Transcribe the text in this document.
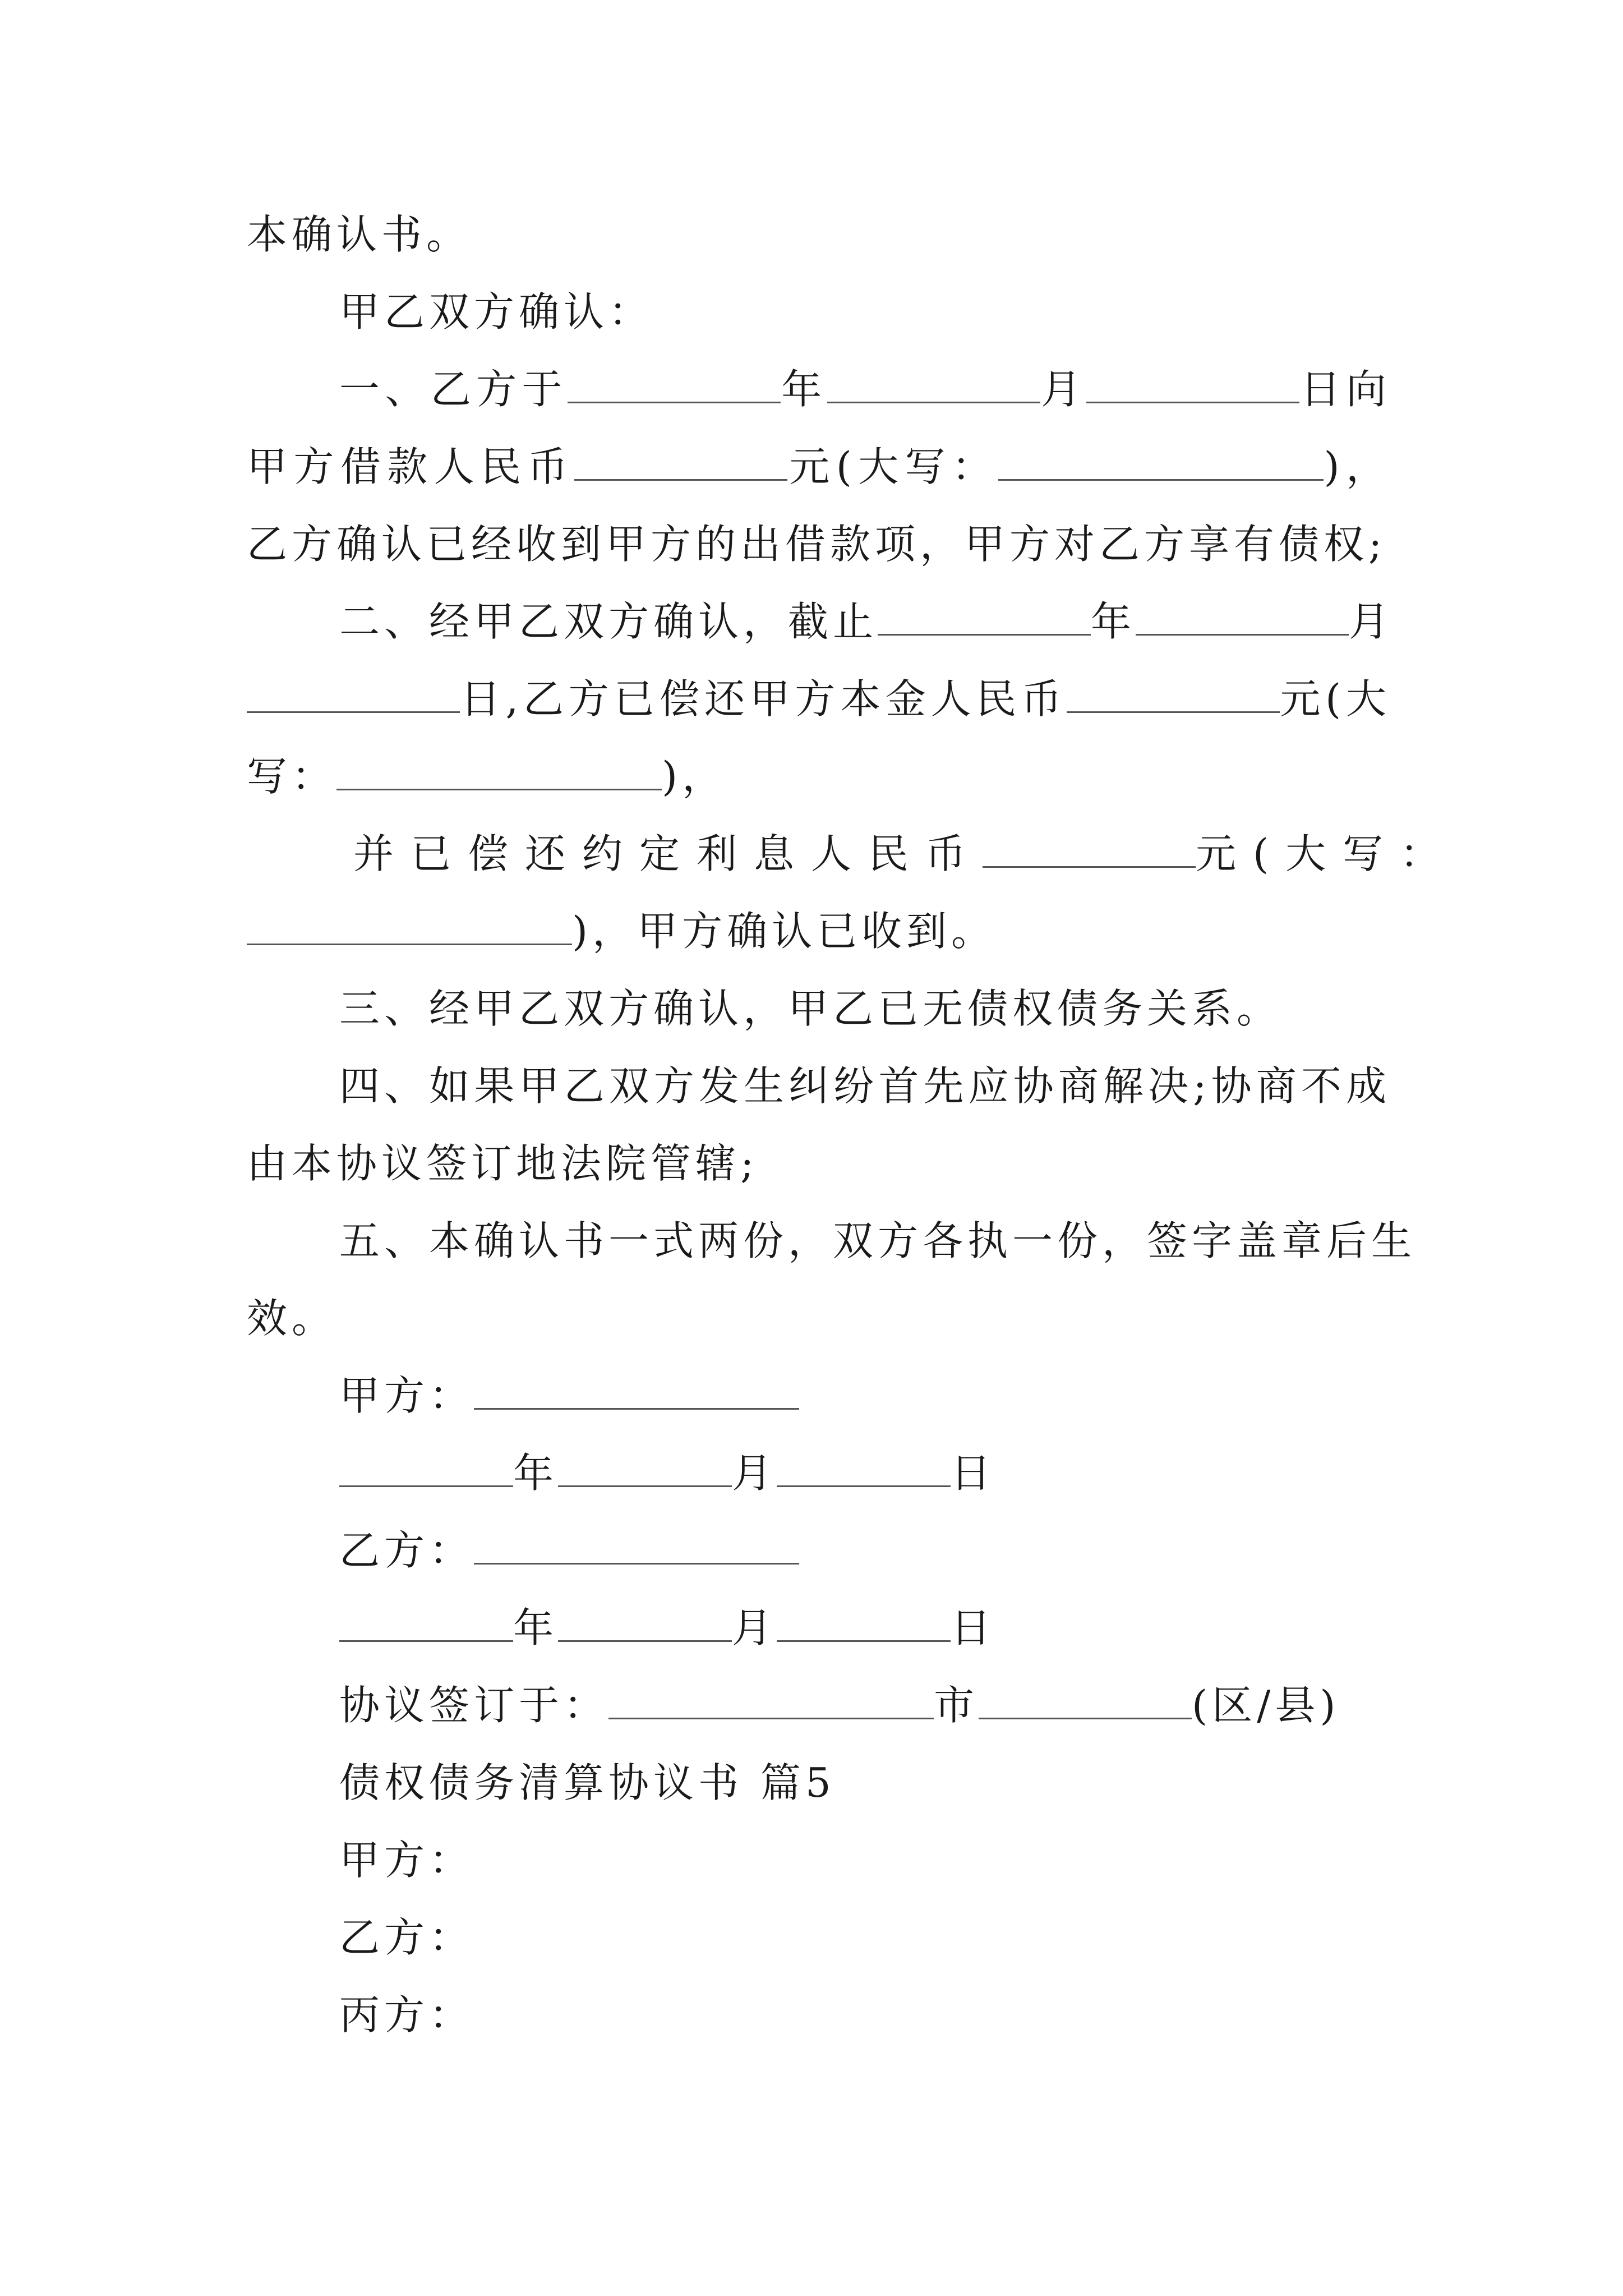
本确认书。
甲乙双方确认：
一、乙方于	年	月	日向
甲方借款人民币	元(大写：	)，
乙方确认已经收到甲方的出借款项，甲方对乙方享有债权;
二、经甲乙双方确认，截止	年	月
日,乙方已偿还甲方本金人民币	元(大
写：	)，
并已偿还约定利息人民币	元(大写：
)，甲方确认已收到。
三、经甲乙双方确认，甲乙已无债权债务关系。
四、如果甲乙双方发生纠纷首先应协商解决;协商不成
由本协议签订地法院管辖;
五、本确认书一式两份，双方各执一份，签字盖章后生
效。
甲方：
年	月	日
乙方：
年	月	日
协议签订于：	市	(区/县)
债权债务清算协议书 篇5
甲方：
乙方：
丙方：
